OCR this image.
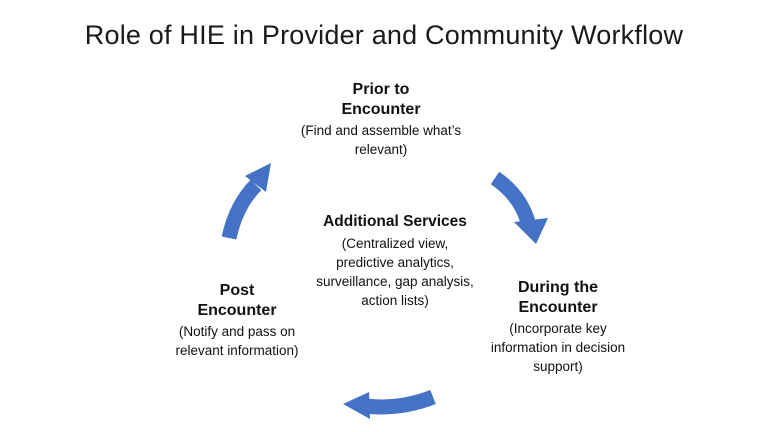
Role of HIE in Provider and Community Workflow
Prior to
Encounter
(Find and assemble what’s
relevant)
Additional Services
(Centralized view,
predictive analytics,
surveillance, gap analysis,
action lists)
During the
Encounter
(Incorporate key
information in decision
support)
Post
Encounter
(Notify and pass on
relevant information)
